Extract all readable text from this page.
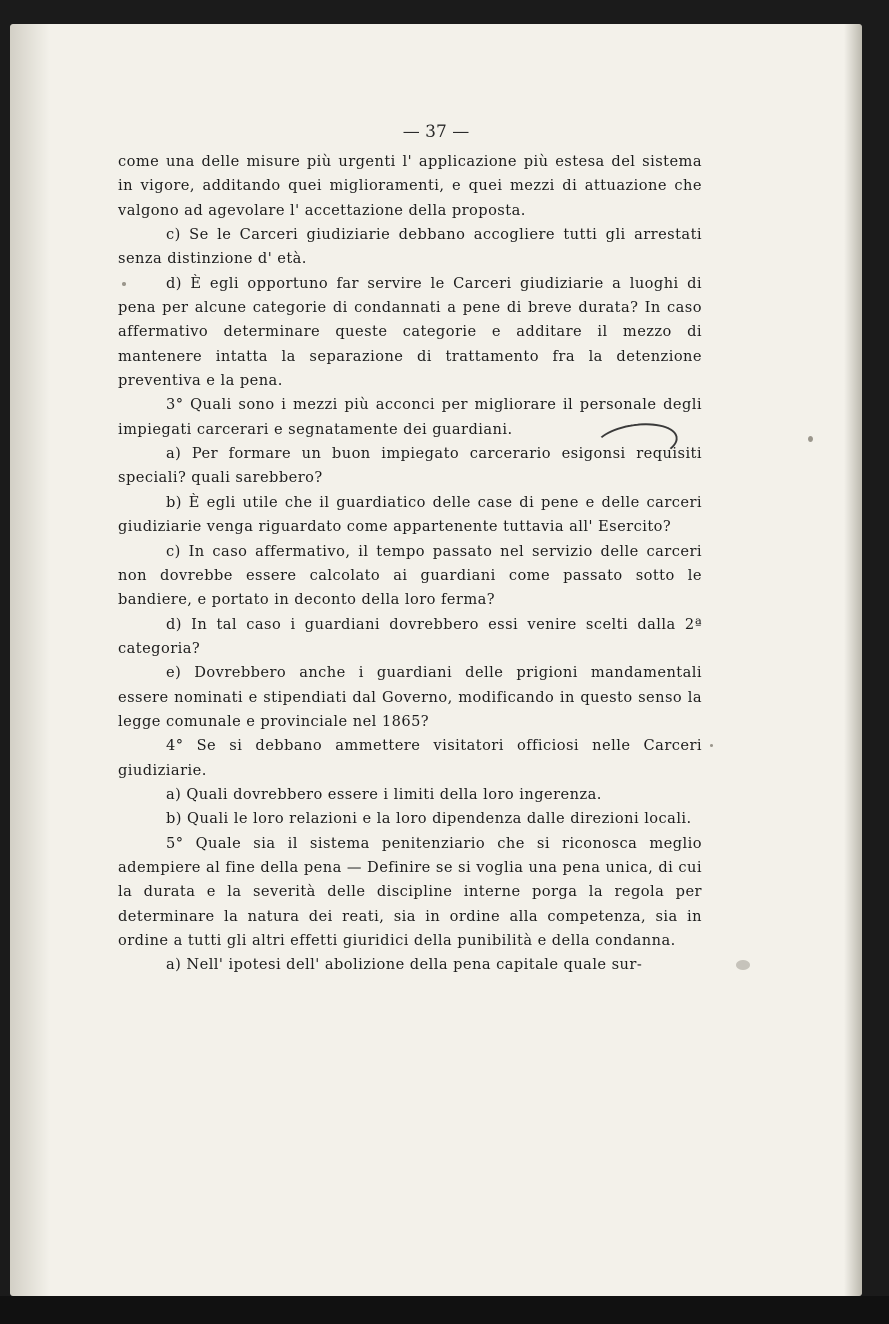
— 37 —

come una delle misure più urgenti l' applicazione più estesa del sistema in vigore, additando quei miglioramenti, e quei mezzi di attuazione che valgono ad agevolare l' accettazione della proposta.

c) Se le Carceri giudiziarie debbano accogliere tutti gli arrestati senza distinzione d' età.

d) È egli opportuno far servire le Carceri giudiziarie a luoghi di pena per alcune categorie di condannati a pene di breve durata? In caso affermativo determinare queste categorie e additare il mezzo di mantenere intatta la separazione di trattamento fra la detenzione preventiva e la pena.

3° Quali sono i mezzi più acconci per migliorare il personale degli impiegati carcerari e segnatamente dei guardiani.

a) Per formare un buon impiegato carcerario esigonsi requisiti speciali? quali sarebbero?

b) È egli utile che il guardiatico delle case di pene e delle carceri giudiziarie venga riguardato come appartenente tuttavia all' Esercito?

c) In caso affermativo, il tempo passato nel servizio delle carceri non dovrebbe essere calcolato ai guardiani come passato sotto le bandiere, e portato in deconto della loro ferma?

d) In tal caso i guardiani dovrebbero essi venire scelti dalla 2ª categoria?

e) Dovrebbero anche i guardiani delle prigioni mandamentali essere nominati e stipendiati dal Governo, modificando in questo senso la legge comunale e provinciale nel 1865?

4° Se si debbano ammettere visitatori officiosi nelle Carceri giudiziarie.

a) Quali dovrebbero essere i limiti della loro ingerenza.

b) Quali le loro relazioni e la loro dipendenza dalle direzioni locali.

5° Quale sia il sistema penitenziario che si riconosca meglio adempiere al fine della pena — Definire se si voglia una pena unica, di cui la durata e la severità delle discipline interne porga la regola per determinare la natura dei reati, sia in ordine alla competenza, sia in ordine a tutti gli altri effetti giuridici della punibilità e della condanna.

a) Nell' ipotesi dell' abolizione della pena capitale quale sur-
